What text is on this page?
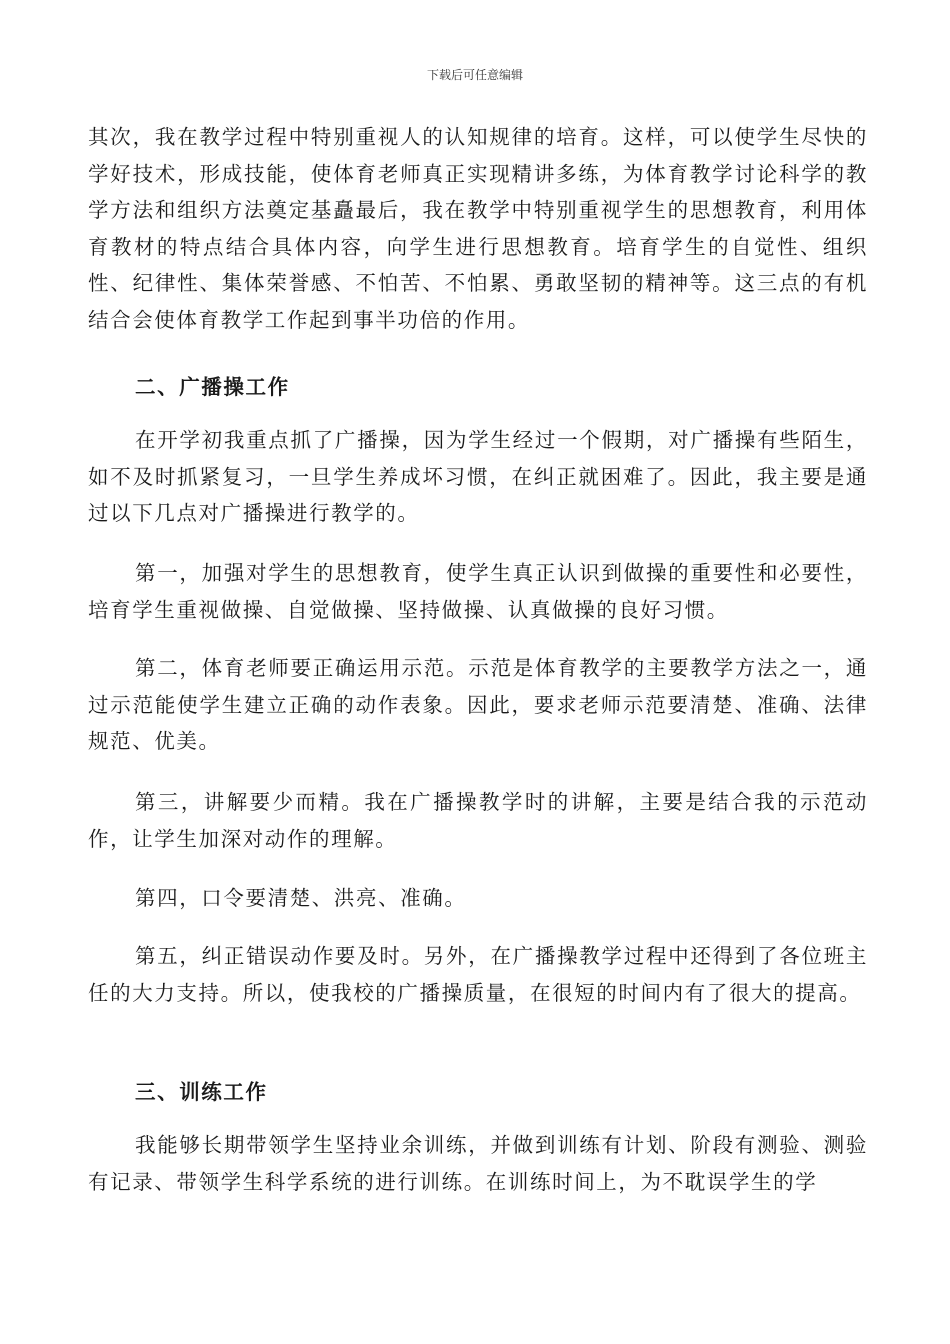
下载后可任意编辑

其次，我在教学过程中特别重视人的认知规律的培育。这样，可以使学生尽快的学好技术，形成技能，使体育老师真正实现精讲多练，为体育教学讨论科学的教学方法和组织方法奠定基矗最后，我在教学中特别重视学生的思想教育，利用体育教材的特点结合具体内容，向学生进行思想教育。培育学生的自觉性、组织性、纪律性、集体荣誉感、不怕苦、不怕累、勇敢坚韧的精神等。这三点的有机结合会使体育教学工作起到事半功倍的作用。

二、广播操工作

在开学初我重点抓了广播操，因为学生经过一个假期，对广播操有些陌生，如不及时抓紧复习，一旦学生养成坏习惯，在纠正就困难了。因此，我主要是通过以下几点对广播操进行教学的。

第一，加强对学生的思想教育，使学生真正认识到做操的重要性和必要性，培育学生重视做操、自觉做操、坚持做操、认真做操的良好习惯。

第二，体育老师要正确运用示范。示范是体育教学的主要教学方法之一，通过示范能使学生建立正确的动作表象。因此，要求老师示范要清楚、准确、法律规范、优美。

第三，讲解要少而精。我在广播操教学时的讲解，主要是结合我的示范动作，让学生加深对动作的理解。

第四，口令要清楚、洪亮、准确。

第五，纠正错误动作要及时。另外，在广播操教学过程中还得到了各位班主任的大力支持。所以，使我校的广播操质量，在很短的时间内有了很大的提高。

三、训练工作

我能够长期带领学生坚持业余训练，并做到训练有计划、阶段有测验、测验有记录、带领学生科学系统的进行训练。在训练时间上，为不耽误学生的学
